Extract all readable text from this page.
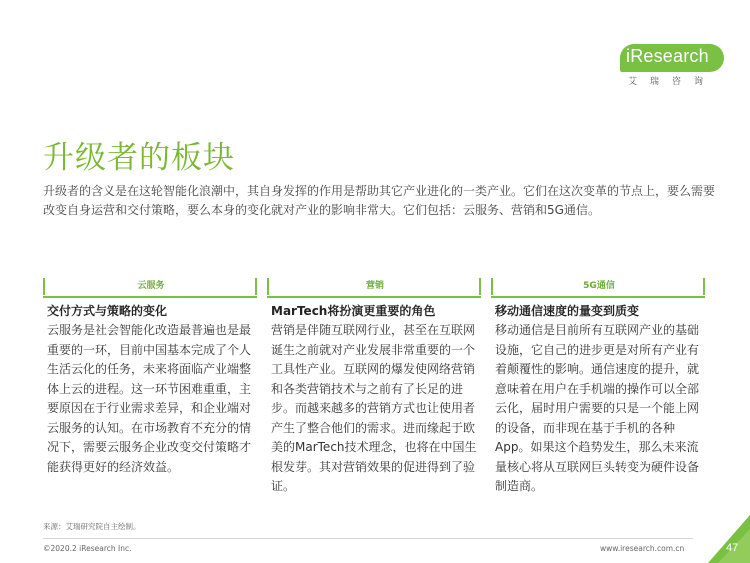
iResearch
艾瑞咨询
升级者的板块

升级者的含义是在这轮智能化浪潮中，其自身发挥的作用是帮助其它产业进化的一类产业。它们在这次变革的节点上，要么需要改变自身运营和交付策略，要么本身的变化就对产业的影响非常大。它们包括：云服务、营销和5G通信。

云服务
交付方式与策略的变化

云服务是社会智能化改造最普遍也是最重要的一环，目前中国基本完成了个人生活云化的任务，未来将面临产业端整体上云的进程。这一环节困难重重，主要原因在于行业需求差异，和企业端对云服务的认知。在市场教育不充分的情况下，需要云服务企业改变交付策略才能获得更好的经济效益。

营销
MarTech将扮演更重要的角色

营销是伴随互联网行业，甚至在互联网诞生之前就对产业发展非常重要的一个工具性产业。互联网的爆发使网络营销和各类营销技术与之前有了长足的进步。而越来越多的营销方式也让使用者产生了整合他们的需求。进而缘起于欧美的MarTech技术理念，也将在中国生根发芽。其对营销效果的促进得到了验证。

5G通信
移动通信速度的量变到质变

移动通信是目前所有互联网产业的基础设施，它自己的进步更是对所有产业有着颠覆性的影响。通信速度的提升，就意味着在用户在手机端的操作可以全部云化，届时用户需要的只是一个能上网的设备，而非现在基于手机的各种App。如果这个趋势发生，那么未来流量核心将从互联网巨头转变为硬件设备制造商。

来源：艾瑞研究院自主绘制。
©2020.2 iResearch Inc.	www.iresearch.com.cn	47
